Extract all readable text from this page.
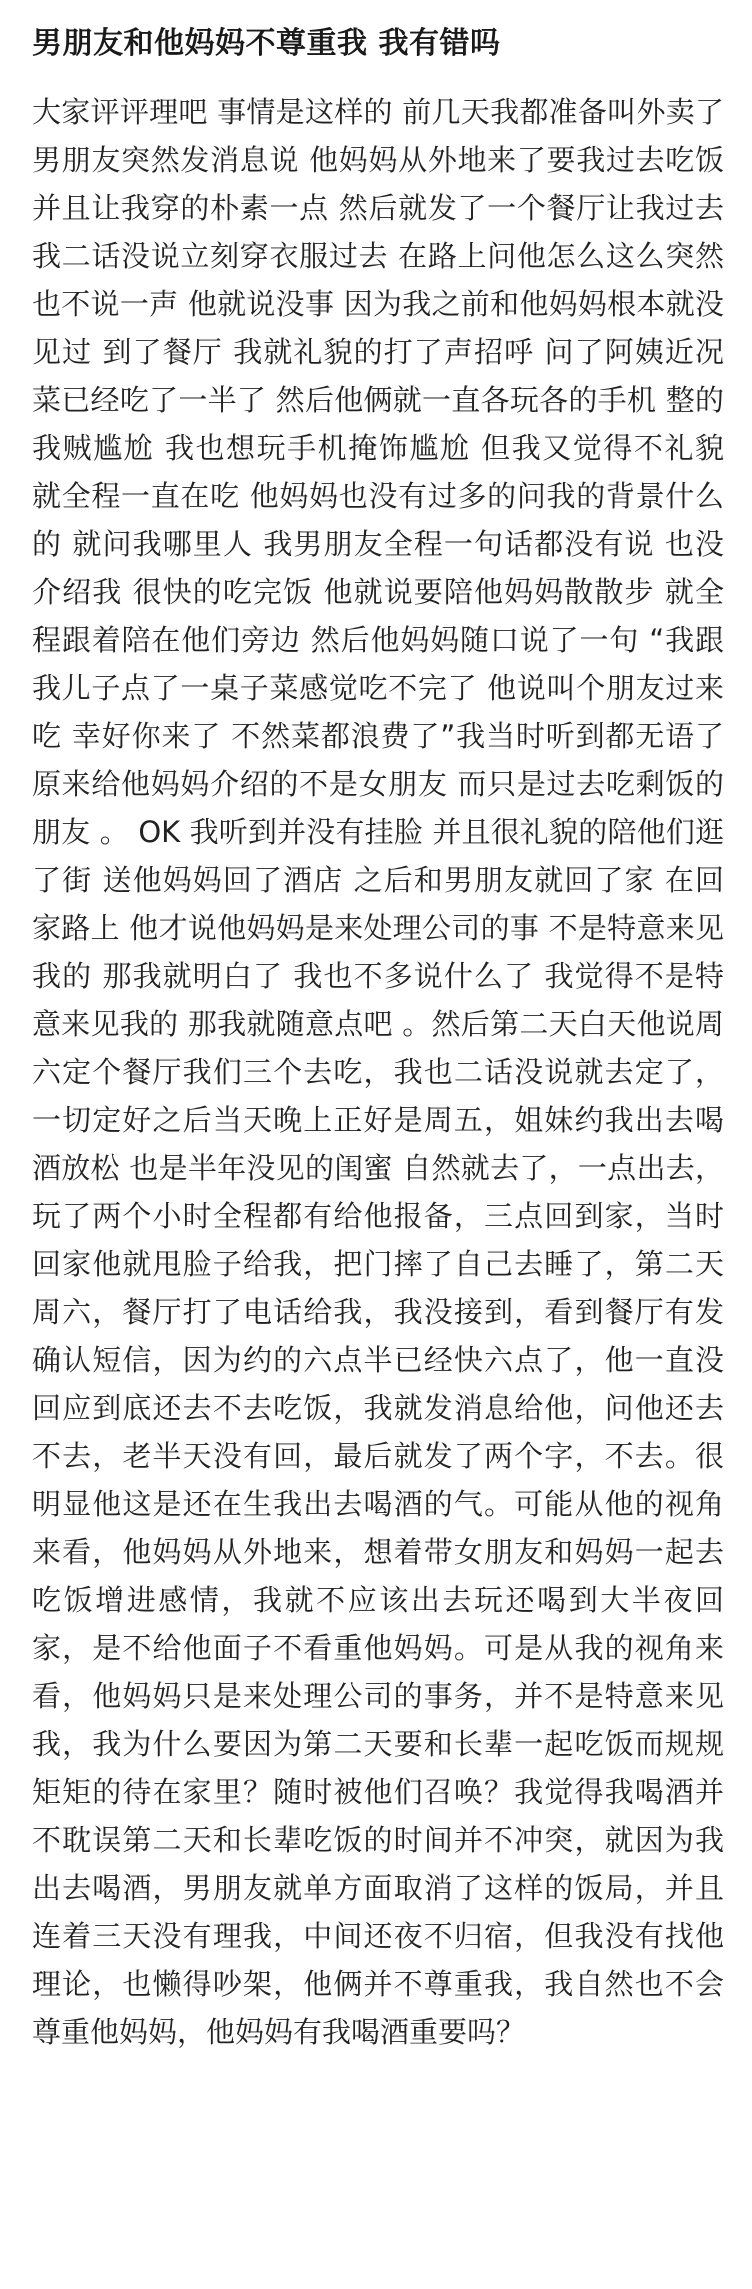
男朋友和他妈妈不尊重我 我有错吗

大家评评理吧 事情是这样的 前几天我都准备叫外卖了 男朋友突然发消息说 他妈妈从外地来了要我过去吃饭 并且让我穿的朴素一点 然后就发了一个餐厅让我过去 我二话没说立刻穿衣服过去 在路上问他怎么这么突然也不说一声 他就说没事 因为我之前和他妈妈根本就没见过 到了餐厅 我就礼貌的打了声招呼 问了阿姨近况 菜已经吃了一半了 然后他俩就一直各玩各的手机 整的我贼尴尬 我也想玩手机掩饰尴尬 但我又觉得不礼貌 就全程一直在吃 他妈妈也没有过多的问我的背景什么的 就问我哪里人 我男朋友全程一句话都没有说 也没介绍我 很快的吃完饭 他就说要陪他妈妈散散步 就全程跟着陪在他们旁边 然后他妈妈随口说了一句 “我跟我儿子点了一桌子菜感觉吃不完了 他说叫个朋友过来吃 幸好你来了 不然菜都浪费了”我当时听到都无语了 原来给他妈妈介绍的不是女朋友 而只是过去吃剩饭的朋友 。 OK 我听到并没有挂脸 并且很礼貌的陪他们逛了街 送他妈妈回了酒店 之后和男朋友就回了家 在回家路上 他才说他妈妈是来处理公司的事 不是特意来见我的 那我就明白了 我也不多说什么了 我觉得不是特意来见我的 那我就随意点吧 。然后第二天白天他说周六定个餐厅我们三个去吃，我也二话没说就去定了，一切定好之后当天晚上正好是周五，姐妹约我出去喝酒放松 也是半年没见的闺蜜 自然就去了，一点出去，玩了两个小时全程都有给他报备，三点回到家，当时回家他就甩脸子给我，把门摔了自己去睡了，第二天周六，餐厅打了电话给我，我没接到，看到餐厅有发确认短信，因为约的六点半已经快六点了，他一直没回应到底还去不去吃饭，我就发消息给他，问他还去不去，老半天没有回，最后就发了两个字，不去。很明显他这是还在生我出去喝酒的气。可能从他的视角来看，他妈妈从外地来，想着带女朋友和妈妈一起去吃饭增进感情，我就不应该出去玩还喝到大半夜回家，是不给他面子不看重他妈妈。可是从我的视角来看，他妈妈只是来处理公司的事务，并不是特意来见我，我为什么要因为第二天要和长辈一起吃饭而规规矩矩的待在家里？随时被他们召唤？我觉得我喝酒并不耽误第二天和长辈吃饭的时间并不冲突，就因为我出去喝酒，男朋友就单方面取消了这样的饭局，并且连着三天没有理我，中间还夜不归宿，但我没有找他理论，也懒得吵架，他俩并不尊重我，我自然也不会尊重他妈妈，他妈妈有我喝酒重要吗？
